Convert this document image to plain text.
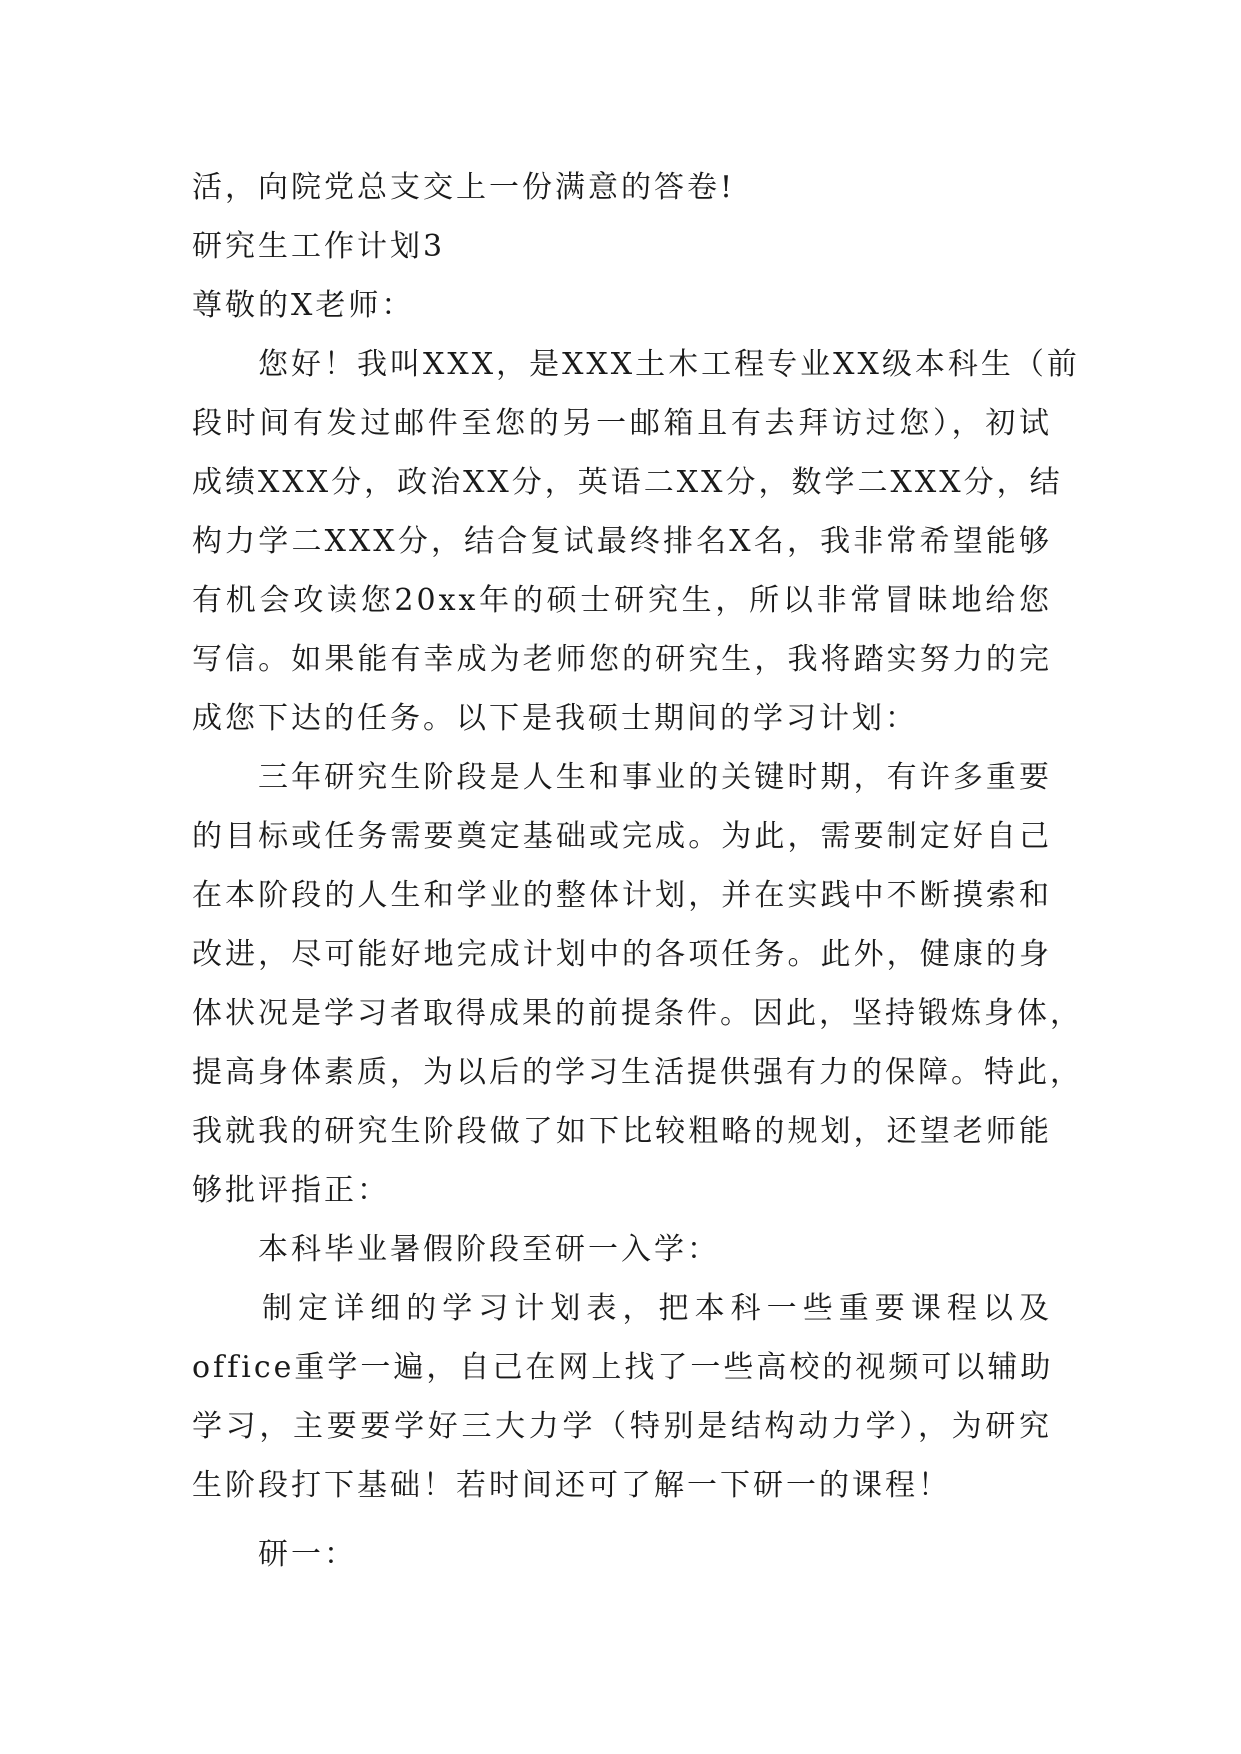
活，向院党总支交上一份满意的答卷!
研究生工作计划3
尊敬的X老师：
您好！我叫XXX，是XXX土木工程专业XX级本科生（前
段时间有发过邮件至您的另一邮箱且有去拜访过您），初试
成绩XXX分，政治XX分，英语二XX分，数学二XXX分，结
构力学二XXX分，结合复试最终排名X名，我非常希望能够
有机会攻读您20xx年的硕士研究生，所以非常冒昧地给您
写信。如果能有幸成为老师您的研究生，我将踏实努力的完
成您下达的任务。以下是我硕士期间的学习计划：
三年研究生阶段是人生和事业的关键时期，有许多重要
的目标或任务需要奠定基础或完成。为此，需要制定好自己
在本阶段的人生和学业的整体计划，并在实践中不断摸索和
改进，尽可能好地完成计划中的各项任务。此外，健康的身
体状况是学习者取得成果的前提条件。因此，坚持锻炼身体，
提高身体素质，为以后的学习生活提供强有力的保障。特此，
我就我的研究生阶段做了如下比较粗略的规划，还望老师能
够批评指正：
本科毕业暑假阶段至研一入学：
制定详细的学习计划表，把本科一些重要课程以及
office重学一遍，自己在网上找了一些高校的视频可以辅助
学习，主要要学好三大力学（特别是结构动力学），为研究
生阶段打下基础！若时间还可了解一下研一的课程！
研一：
